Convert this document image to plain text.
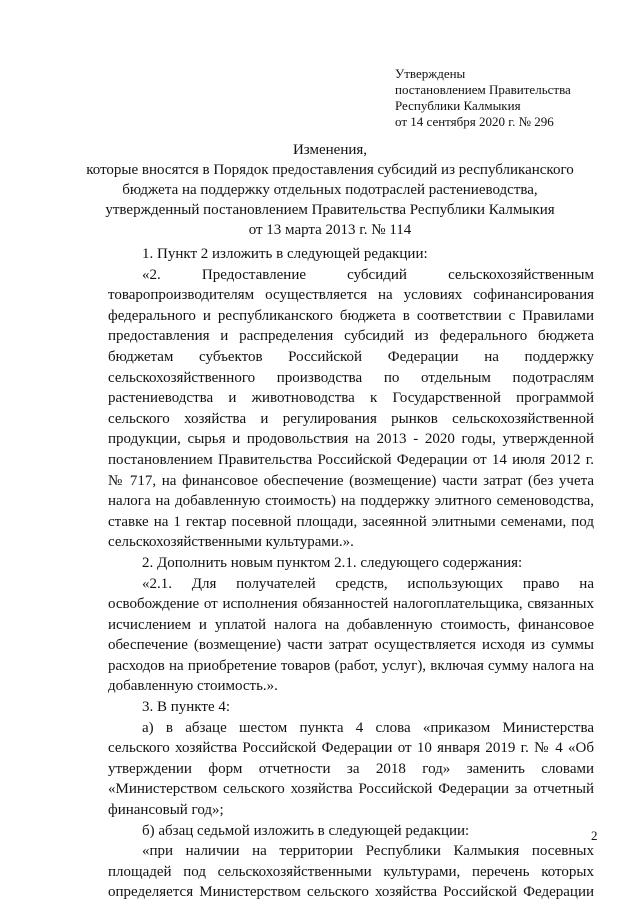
Утверждены
постановлением Правительства
Республики Калмыкия
от 14 сентября 2020 г. № 296
Изменения,
которые вносятся в Порядок предоставления субсидий из республиканского
бюджета на поддержку отдельных подотраслей растениеводства,
утвержденный постановлением Правительства Республики Калмыкия
от 13 марта 2013 г. № 114
1. Пункт 2 изложить в следующей редакции:
«2. Предоставление субсидий сельскохозяйственным
товаропроизводителям осуществляется на условиях софинансирования
федерального и республиканского бюджета в соответствии с Правилами
предоставления и распределения субсидий из федерального бюджета
бюджетам субъектов Российской Федерации на поддержку
сельскохозяйственного производства по отдельным подотраслям
растениеводства и животноводства к Государственной программой
сельского хозяйства и регулирования рынков сельскохозяйственной
продукции, сырья и продовольствия на 2013 - 2020 годы, утвержденной
постановлением Правительства Российской Федерации от 14 июля 2012 г.
№ 717, на финансовое обеспечение (возмещение) части затрат (без учета
налога на добавленную стоимость) на поддержку элитного семеноводства,
ставке на 1 гектар посевной площади, засеянной элитными семенами, под
сельскохозяйственными культурами.».
2. Дополнить новым пунктом 2.1. следующего содержания:
«2.1. Для получателей средств, использующих право на
освобождение от исполнения обязанностей налогоплательщика, связанных
исчислением и уплатой налога на добавленную стоимость, финансовое
обеспечение (возмещение) части затрат осуществляется исходя из суммы
расходов на приобретение товаров (работ, услуг), включая сумму налога на
добавленную стоимость.».
3. В пункте 4:
а) в абзаце шестом пункта 4 слова «приказом Министерства
сельского хозяйства Российской Федерации от 10 января 2019 г. № 4 «Об
утверждении форм отчетности за 2018 год» заменить словами
«Министерством сельского хозяйства Российской Федерации за отчетный
финансовый год»;
б) абзац седьмой изложить в следующей редакции:
«при наличии на территории Республики Калмыкия посевных
площадей под сельскохозяйственными культурами, перечень которых
определяется Министерством сельского хозяйства Российской Федерации
2
